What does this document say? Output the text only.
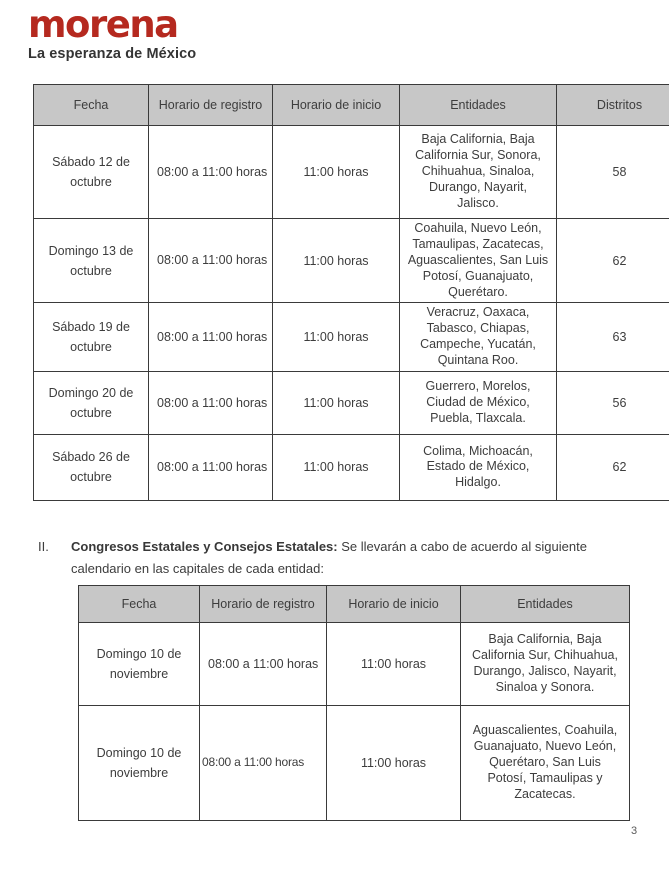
morena
La esperanza de México
Fecha	Horario de registro	Horario de inicio	Entidades	Distritos
Sábado 12 de octubre	08:00 a 11:00 horas	11:00 horas	Baja California, Baja California Sur, Sonora, Chihuahua, Sinaloa, Durango, Nayarit, Jalisco.	58
Domingo 13 de octubre	08:00 a 11:00 horas	11:00 horas	Coahuila, Nuevo León, Tamaulipas, Zacatecas, Aguascalientes, San Luis Potosí, Guanajuato, Querétaro.	62
Sábado 19 de octubre	08:00 a 11:00 horas	11:00 horas	Veracruz, Oaxaca, Tabasco, Chiapas, Campeche, Yucatán, Quintana Roo.	63
Domingo 20 de octubre	08:00 a 11:00 horas	11:00 horas	Guerrero, Morelos, Ciudad de México, Puebla, Tlaxcala.	56
Sábado 26 de octubre	08:00 a 11:00 horas	11:00 horas	Colima, Michoacán, Estado de México, Hidalgo.	62
II.	Congresos Estatales y Consejos Estatales: Se llevarán a cabo de acuerdo al siguiente calendario en las capitales de cada entidad:
Fecha	Horario de registro	Horario de inicio	Entidades
Domingo 10 de noviembre	08:00 a 11:00 horas	11:00 horas	Baja California, Baja California Sur, Chihuahua, Durango, Jalisco, Nayarit, Sinaloa y Sonora.
Domingo 10 de noviembre	08:00 a 11:00 horas	11:00 horas	Aguascalientes, Coahuila, Guanajuato, Nuevo León, Querétaro, San Luis Potosí, Tamaulipas y Zacatecas.
3
